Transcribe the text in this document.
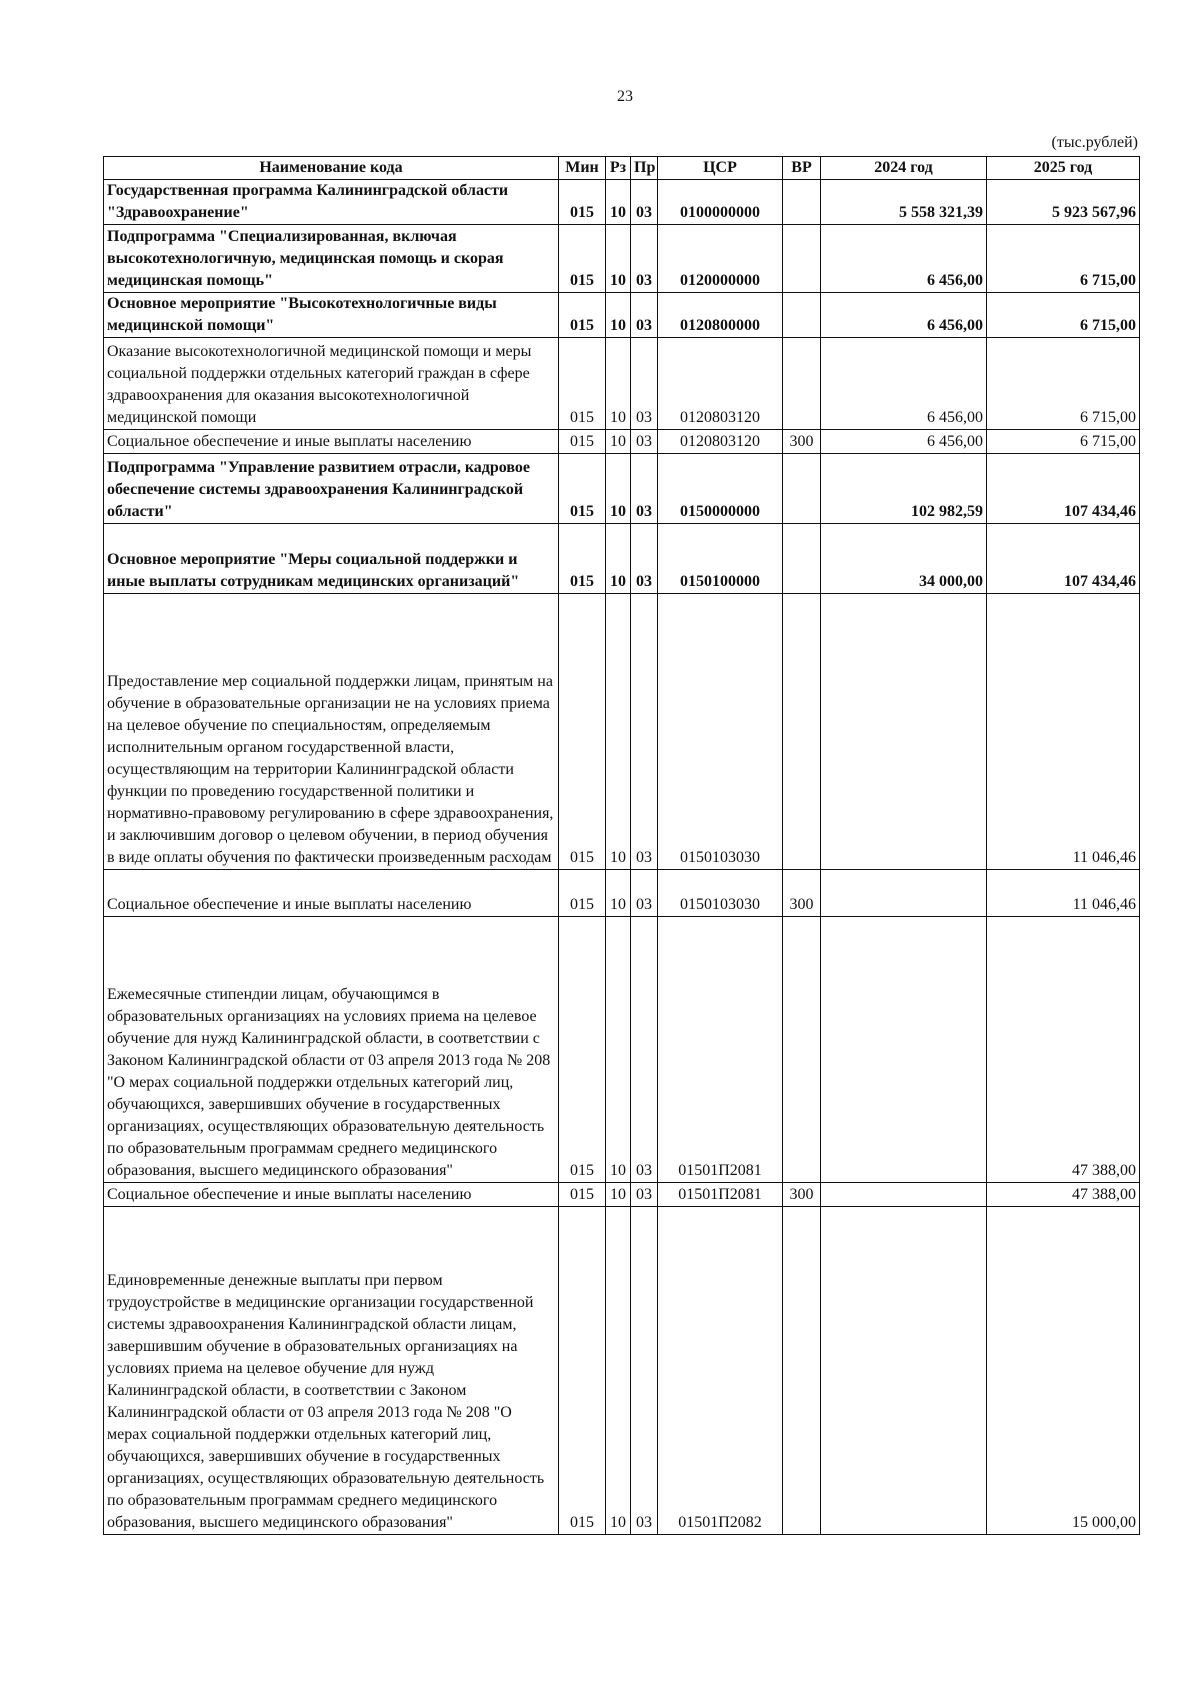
23
(тыс.рублей)
Наименование кода	Мин	Рз	Пр	ЦСР	ВР	2024 год	2025 год
Государственная программа Калининградской области "Здравоохранение"	015	10	03	0100000000		5 558 321,39	5 923 567,96
Подпрограмма "Специализированная, включая высокотехнологичную, медицинская помощь и скорая медицинская помощь"	015	10	03	0120000000		6 456,00	6 715,00
Основное мероприятие "Высокотехнологичные виды медицинской помощи"	015	10	03	0120800000		6 456,00	6 715,00
Оказание высокотехнологичной медицинской помощи и меры социальной поддержки отдельных категорий граждан в сфере здравоохранения для оказания высокотехнологичной медицинской помощи	015	10	03	0120803120		6 456,00	6 715,00
Социальное обеспечение и иные выплаты населению	015	10	03	0120803120	300	6 456,00	6 715,00
Подпрограмма "Управление развитием отрасли, кадровое обеспечение системы здравоохранения Калининградской области"	015	10	03	0150000000		102 982,59	107 434,46
Основное мероприятие "Меры социальной поддержки и иные выплаты сотрудникам медицинских организаций"	015	10	03	0150100000		34 000,00	107 434,46
Предоставление мер социальной поддержки лицам, принятым на обучение в образовательные организации не на условиях приема на целевое обучение по специальностям, определяемым исполнительным органом государственной власти, осуществляющим на территории Калининградской области функции по проведению государственной политики и нормативно-правовому регулированию в сфере здравоохранения, и заключившим договор о целевом обучении, в период обучения в виде оплаты обучения по фактически произведенным расходам	015	10	03	0150103030			11 046,46
Социальное обеспечение и иные выплаты населению	015	10	03	0150103030	300		11 046,46
Ежемесячные стипендии лицам, обучающимся в образовательных организациях на условиях приема на целевое обучение для нужд Калининградской области, в соответствии с Законом Калининградской области от 03 апреля 2013 года № 208 "О мерах социальной поддержки отдельных категорий лиц, обучающихся, завершивших обучение в государственных организациях, осуществляющих образовательную деятельность по образовательным программам среднего медицинского образования, высшего медицинского образования"	015	10	03	01501П2081			47 388,00
Социальное обеспечение и иные выплаты населению	015	10	03	01501П2081	300		47 388,00
Единовременные денежные выплаты при первом трудоустройстве в медицинские организации государственной системы здравоохранения Калининградской области лицам, завершившим обучение в образовательных организациях на условиях приема на целевое обучение для нужд Калининградской области, в соответствии с Законом Калининградской области от 03 апреля 2013 года № 208 "О мерах социальной поддержки отдельных категорий лиц, обучающихся, завершивших обучение в государственных организациях, осуществляющих образовательную деятельность по образовательным программам среднего медицинского образования, высшего медицинского образования"	015	10	03	01501П2082			15 000,00
